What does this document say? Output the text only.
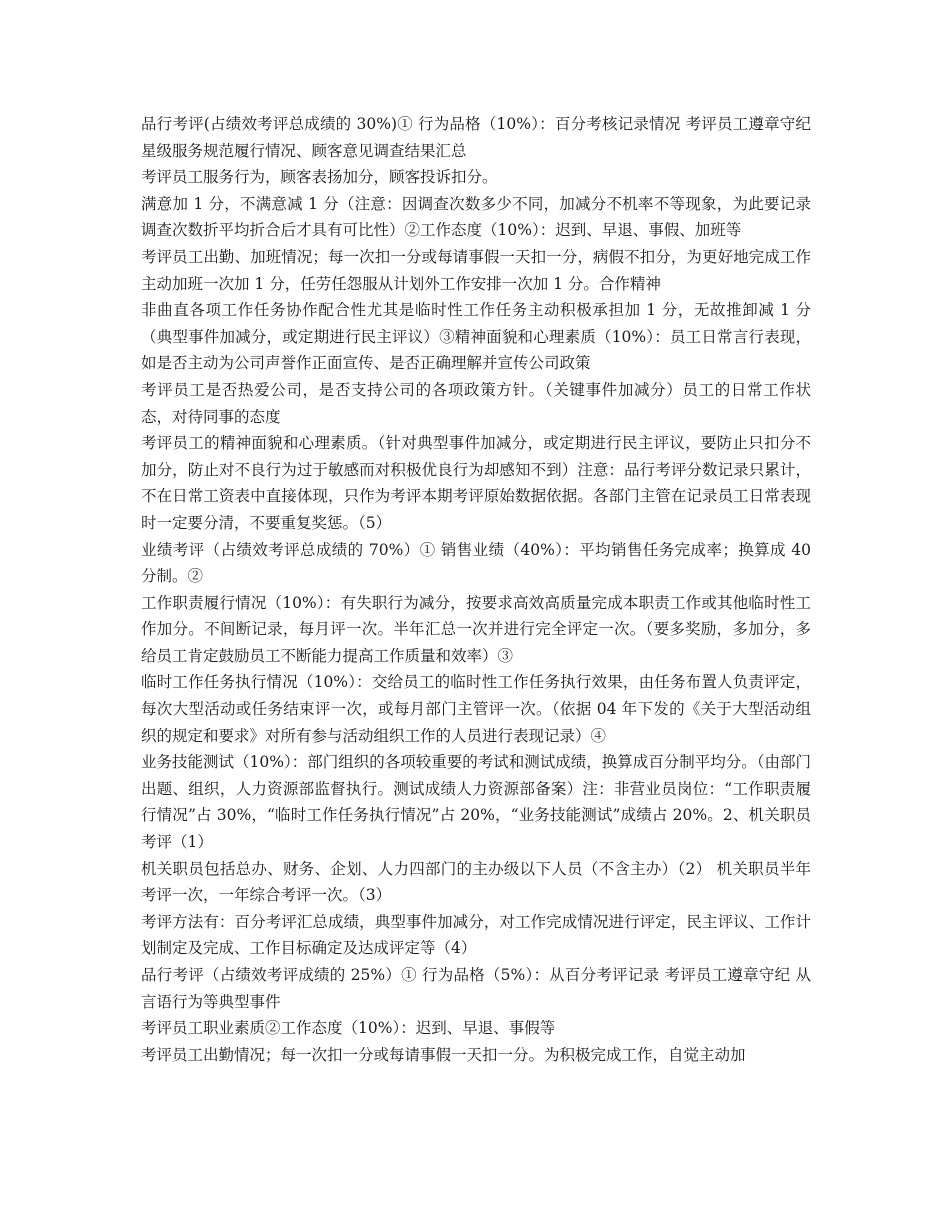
品行考评(占绩效考评总成绩的 30%)① 行为品格（10%）：百分考核记录情况 考评员工遵章守纪星级服务规范履行情况、顾客意见调查结果汇总

考评员工服务行为，顾客表扬加分，顾客投诉扣分。

满意加 1 分，不满意减 1 分（注意：因调查次数多少不同，加减分不机率不等现象，为此要记录调查次数折平均折合后才具有可比性）②工作态度（10%）：迟到、早退、事假、加班等

考评员工出勤、加班情况；每一次扣一分或每请事假一天扣一分，病假不扣分，为更好地完成工作主动加班一次加 1 分，任劳任怨服从计划外工作安排一次加 1 分。合作精神

非曲直各项工作任务协作配合性尤其是临时性工作任务主动积极承担加 1 分，无故推卸减 1 分（典型事件加减分，或定期进行民主评议）③精神面貌和心理素质（10%）：员工日常言行表现，如是否主动为公司声誉作正面宣传、是否正确理解并宣传公司政策

考评员工是否热爱公司，是否支持公司的各项政策方针。（关键事件加减分）员工的日常工作状态，对待同事的态度

考评员工的精神面貌和心理素质。（针对典型事件加减分，或定期进行民主评议，要防止只扣分不加分，防止对不良行为过于敏感而对积极优良行为却感知不到）注意：品行考评分数记录只累计，不在日常工资表中直接体现，只作为考评本期考评原始数据依据。各部门主管在记录员工日常表现时一定要分清，不要重复奖惩。（5）

业绩考评（占绩效考评总成绩的 70%）① 销售业绩（40%）：平均销售任务完成率；换算成 40 分制。②

工作职责履行情况（10%）：有失职行为减分，按要求高效高质量完成本职责工作或其他临时性工作加分。不间断记录，每月评一次。半年汇总一次并进行完全评定一次。（要多奖励，多加分，多给员工肯定鼓励员工不断能力提高工作质量和效率）③

临时工作任务执行情况（10%）：交给员工的临时性工作任务执行效果，由任务布置人负责评定，每次大型活动或任务结束评一次，或每月部门主管评一次。（依据 04 年下发的《关于大型活动组织的规定和要求》对所有参与活动组织工作的人员进行表现记录）④

业务技能测试（10%）：部门组织的各项较重要的考试和测试成绩，换算成百分制平均分。（由部门出题、组织，人力资源部监督执行。测试成绩人力资源部备案）注：非营业员岗位：“工作职责履行情况”占 30%，“临时工作任务执行情况”占 20%，“业务技能测试”成绩占 20%。2、机关职员考评（1）

机关职员包括总办、财务、企划、人力四部门的主办级以下人员（不含主办）（2） 机关职员半年考评一次，一年综合考评一次。（3）

考评方法有：百分考评汇总成绩，典型事件加减分，对工作完成情况进行评定，民主评议、工作计划制定及完成、工作目标确定及达成评定等（4）

品行考评（占绩效考评成绩的 25%）① 行为品格（5%）：从百分考评记录 考评员工遵章守纪 从言语行为等典型事件

考评员工职业素质②工作态度（10%）：迟到、早退、事假等

考评员工出勤情况；每一次扣一分或每请事假一天扣一分。为积极完成工作，自觉主动加
